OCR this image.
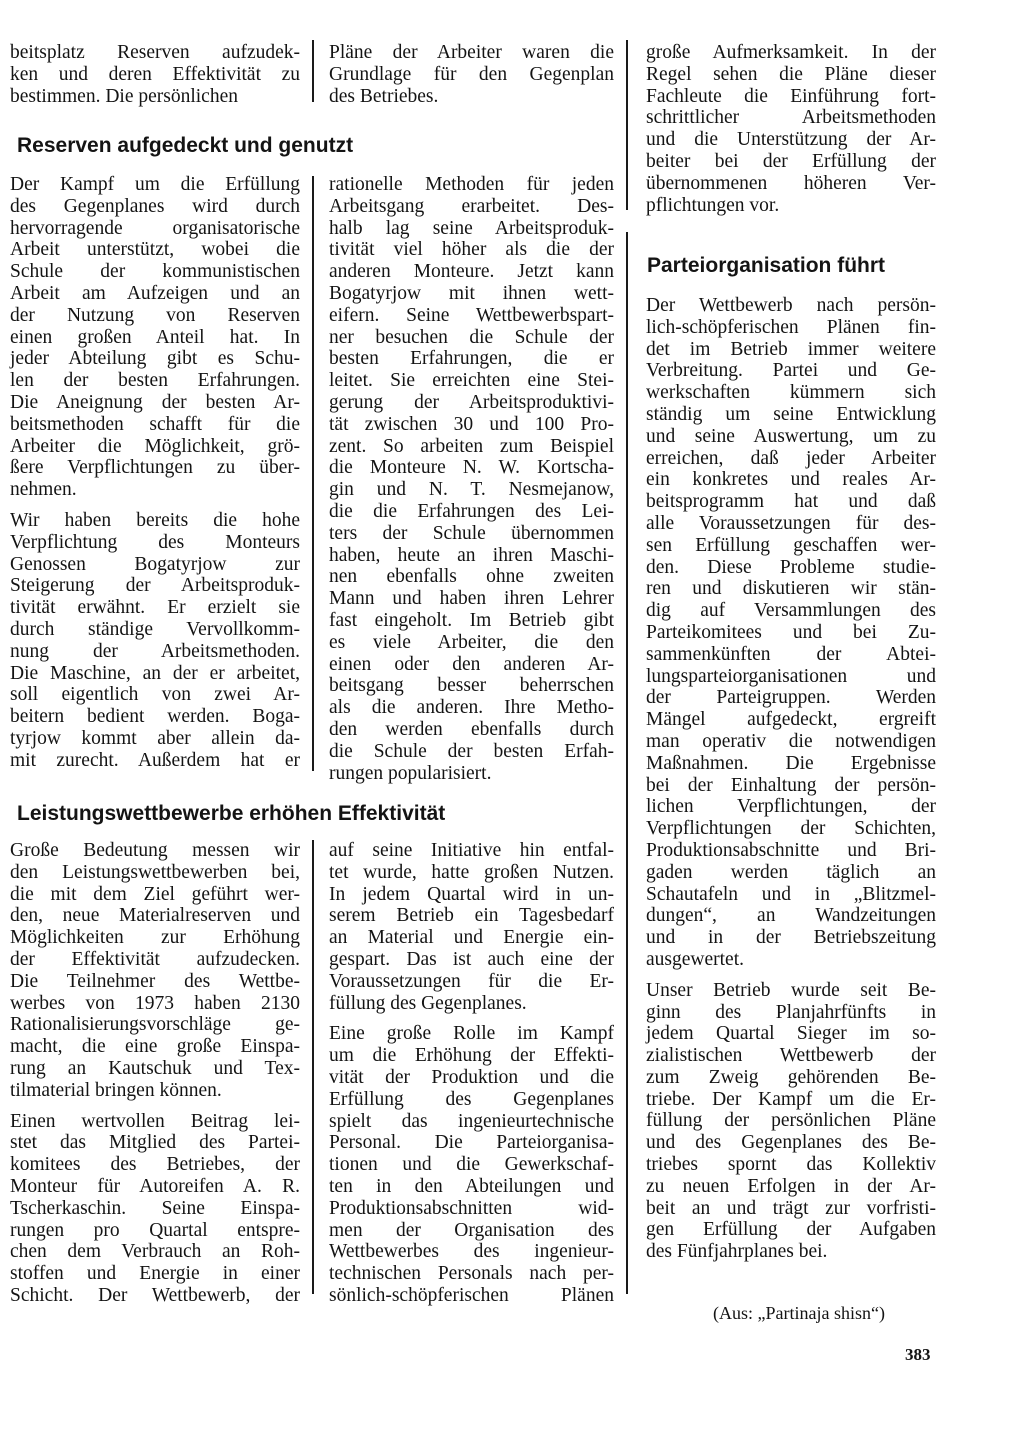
beitsplatz Reserven aufzudek-

ken und deren Effektivität zu

bestimmen. Die persönlichen

Pläne der Arbeiter waren die

Grundlage für den Gegenplan

des Betriebes.

Reserven aufgedeckt und genutzt

Der Kampf um die Erfüllung

des Gegenplanes wird durch

hervorragende organisatorische

Arbeit unterstützt, wobei die

Schule der kommunistischen

Arbeit am Aufzeigen und an

der Nutzung von Reserven

einen großen Anteil hat. In

jeder Abteilung gibt es Schu-

len der besten Erfahrungen.

Die Aneignung der besten Ar-

beitsmethoden schafft für die

Arbeiter die Möglichkeit, grö-

ßere Verpflichtungen zu über-

nehmen.

Wir haben bereits die hohe

Verpflichtung des Monteurs

Genossen Bogatyrjow zur

Steigerung der Arbeitsproduk-

tivität erwähnt. Er erzielt sie

durch ständige Vervollkomm-

nung der Arbeitsmethoden.

Die Maschine, an der er arbeitet,

soll eigentlich von zwei Ar-

beitern bedient werden. Boga-

tyrjow kommt aber allein da-

mit zurecht. Außerdem hat er

rationelle Methoden für jeden

Arbeitsgang erarbeitet. Des-

halb lag seine Arbeitsproduk-

tivität viel höher als die der

anderen Monteure. Jetzt kann

Bogatyrjow mit ihnen wett-

eifern. Seine Wettbewerbspart-

ner besuchen die Schule der

besten Erfahrungen, die er

leitet. Sie erreichten eine Stei-

gerung der Arbeitsproduktivi-

tät zwischen 30 und 100 Pro-

zent. So arbeiten zum Beispiel

die Monteure N. W. Kortscha-

gin und N. T. Nesmejanow,

die die Erfahrungen des Lei-

ters der Schule übernommen

haben, heute an ihren Maschi-

nen ebenfalls ohne zweiten

Mann und haben ihren Lehrer

fast eingeholt. Im Betrieb gibt

es viele Arbeiter, die den

einen oder den anderen Ar-

beitsgang besser beherrschen

als die anderen. Ihre Metho-

den werden ebenfalls durch

die Schule der besten Erfah-

rungen popularisiert.

Leistungswettbewerbe erhöhen Effektivität

Große Bedeutung messen wir

den Leistungswettbewerben bei,

die mit dem Ziel geführt wer-

den, neue Materialreserven und

Möglichkeiten zur Erhöhung

der Effektivität aufzudecken.

Die Teilnehmer des Wettbe-

werbes von 1973 haben 2130

Rationalisierungsvorschläge ge-

macht, die eine große Einspa-

rung an Kautschuk und Tex-

tilmaterial bringen können.

Einen wertvollen Beitrag lei-

stet das Mitglied des Partei-

komitees des Betriebes, der

Monteur für Autoreifen A. R.

Tscherkaschin. Seine Einspa-

rungen pro Quartal entspre-

chen dem Verbrauch an Roh-

stoffen und Energie in einer

Schicht. Der Wettbewerb, der

auf seine Initiative hin entfal-

tet wurde, hatte großen Nutzen.

In jedem Quartal wird in un-

serem Betrieb ein Tagesbedarf

an Material und Energie ein-

gespart. Das ist auch eine der

Voraussetzungen für die Er-

füllung des Gegenplanes.

Eine große Rolle im Kampf

um die Erhöhung der Effekti-

vität der Produktion und die

Erfüllung des Gegenplanes

spielt das ingenieurtechnische

Personal. Die Parteiorganisa-

tionen und die Gewerkschaf-

ten in den Abteilungen und

Produktionsabschnitten wid-

men der Organisation des

Wettbewerbes des ingenieur-

technischen Personals nach per-

sönlich-schöpferischen Plänen

große Aufmerksamkeit. In der

Regel sehen die Pläne dieser

Fachleute die Einführung fort-

schrittlicher Arbeitsmethoden

und die Unterstützung der Ar-

beiter bei der Erfüllung der

übernommenen höheren Ver-

pflichtungen vor.

Parteiorganisation führt

Der Wettbewerb nach persön-

lich-schöpferischen Plänen fin-

det im Betrieb immer weitere

Verbreitung. Partei und Ge-

werkschaften kümmern sich

ständig um seine Entwicklung

und seine Auswertung, um zu

erreichen, daß jeder Arbeiter

ein konkretes und reales Ar-

beitsprogramm hat und daß

alle Voraussetzungen für des-

sen Erfüllung geschaffen wer-

den. Diese Probleme studie-

ren und diskutieren wir stän-

dig auf Versammlungen des

Parteikomitees und bei Zu-

sammenkünften der Abtei-

lungsparteiorganisationen und

der Parteigruppen. Werden

Mängel aufgedeckt, ergreift

man operativ die notwendigen

Maßnahmen. Die Ergebnisse

bei der Einhaltung der persön-

lichen Verpflichtungen, der

Verpflichtungen der Schichten,

Produktionsabschnitte und Bri-

gaden werden täglich an

Schautafeln und in „Blitzmel-

dungen“, an Wandzeitungen

und in der Betriebszeitung

ausgewertet.

Unser Betrieb wurde seit Be-

ginn des Planjahrfünfts in

jedem Quartal Sieger im so-

zialistischen Wettbewerb der

zum Zweig gehörenden Be-

triebe. Der Kampf um die Er-

füllung der persönlichen Pläne

und des Gegenplanes des Be-

triebes spornt das Kollektiv

zu neuen Erfolgen in der Ar-

beit an und trägt zur vorfristi-

gen Erfüllung der Aufgaben

des Fünfjahrplanes bei.

(Aus: „Partinaja shisn“)
383
